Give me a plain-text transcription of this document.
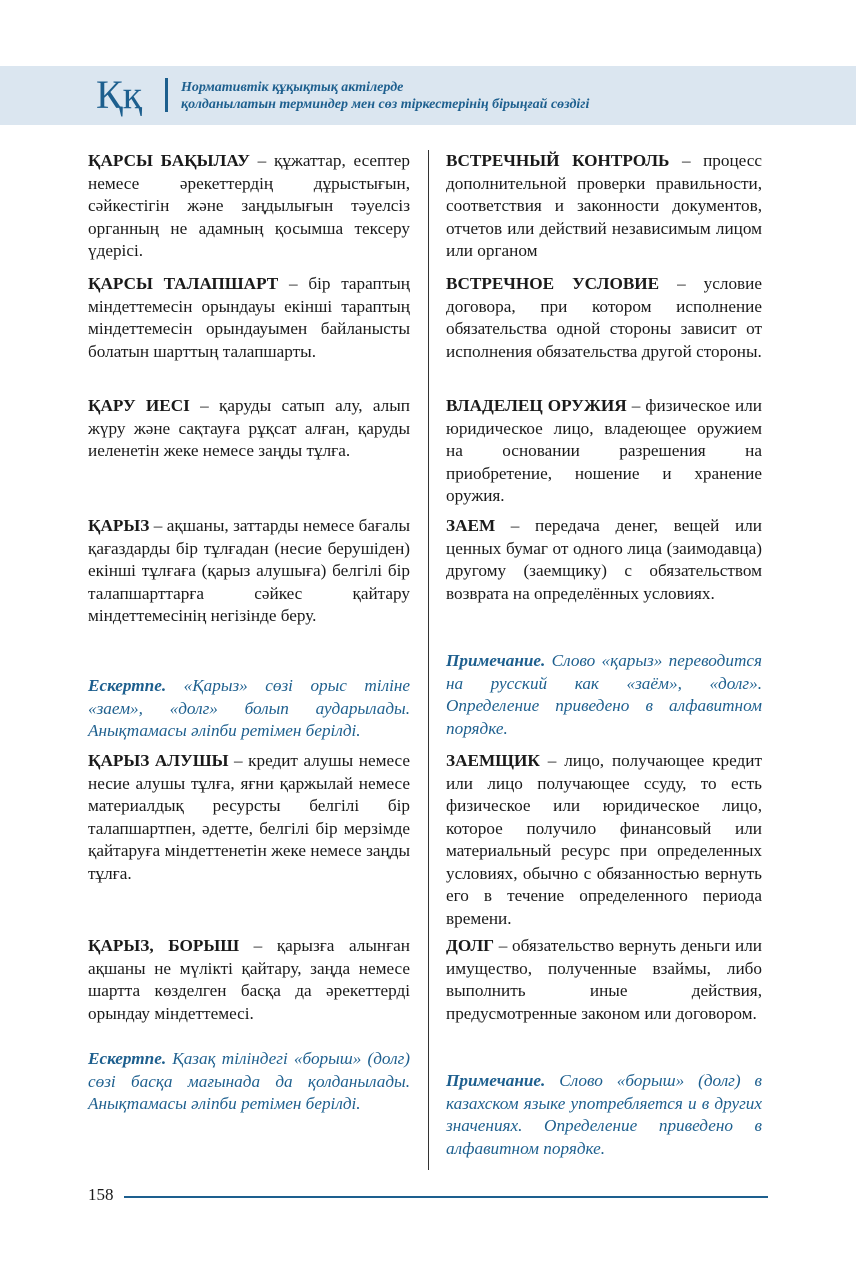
Ққ	Нормативтік құқықтық актілерде
қолданылатын терминдер мен сөз тіркестерінің бірыңғай сөздігі

ҚАРСЫ БАҚЫЛАУ – құжаттар, есептер немесе әрекеттердің дұрыстығын, сәйкестігін және заңдылығын тәуелсіз органның не адамның қосымша тексеру үдерісі.

ҚАРСЫ ТАЛАПШАРТ – бір тараптың міндеттемесін орындауы екінші тараптың міндеттемесін орындауымен байланысты болатын шарттың талапшарты.

ҚАРУ ИЕСІ – қаруды сатып алу, алып жүру және сақтауға рұқсат алған, қаруды иеленетін жеке немесе заңды тұлға.

ҚАРЫЗ – ақшаны, заттарды немесе бағалы қағаздарды бір тұлғадан (несие берушіден) екінші тұлғаға (қарыз алушыға) белгілі бір талапшарттарға сәйкес қайтару міндеттемесінің негізінде беру.

Ескертпе. «Қарыз» сөзі орыс тіліне «заем», «долг» болып аударылады. Анықтамасы әліпби ретімен берілді.

ҚАРЫЗ АЛУШЫ – кредит алушы немесе несие алушы тұлға, яғни қаржылай немесе материалдық ресурсты белгілі бір талапшартпен, әдетте, белгілі бір мерзімде қайтаруға міндеттенетін жеке немесе заңды тұлға.

ҚАРЫЗ, БОРЫШ – қарызға алынған ақшаны не мүлікті қайтару, заңда немесе шартта көзделген басқа да әрекеттерді орындау міндеттемесі.

Ескертпе. Қазақ тіліндегі «борыш» (долг) сөзі басқа мағынада да қолданылады. Анықтамасы әліпби ретімен берілді.

ВСТРЕЧНЫЙ КОНТРОЛЬ – процесс дополнительной проверки правильности, соответствия и законности документов, отчетов или действий независимым лицом или органом

ВСТРЕЧНОЕ УСЛОВИЕ – условие договора, при котором исполнение обязательства одной стороны зависит от исполнения обязательства другой стороны.

ВЛАДЕЛЕЦ ОРУЖИЯ – физическое или юридическое лицо, владеющее оружием на основании разрешения на приобретение, ношение и хранение оружия.

ЗАЕМ – передача денег, вещей или ценных бумаг от одного лица (заимодавца) другому (заемщику) с обязательством возврата на определённых условиях.

Примечание. Слово «қарыз» переводится на русский как «заём», «долг». Определение приведено в алфавитном порядке.

ЗАЕМЩИК – лицо, получающее кредит или лицо получающее ссуду, то есть физическое или юридическое лицо, которое получило финансовый или материальный ресурс при определенных условиях, обычно с обязанностью вернуть его в течение определенного периода времени.

ДОЛГ – обязательство вернуть деньги или имущество, полученные взаймы, либо выполнить иные действия, предусмотренные законом или договором.

Примечание. Слово «борыш» (долг) в казахском языке употребляется и в других значениях. Определение приведено в алфавитном порядке.

158
